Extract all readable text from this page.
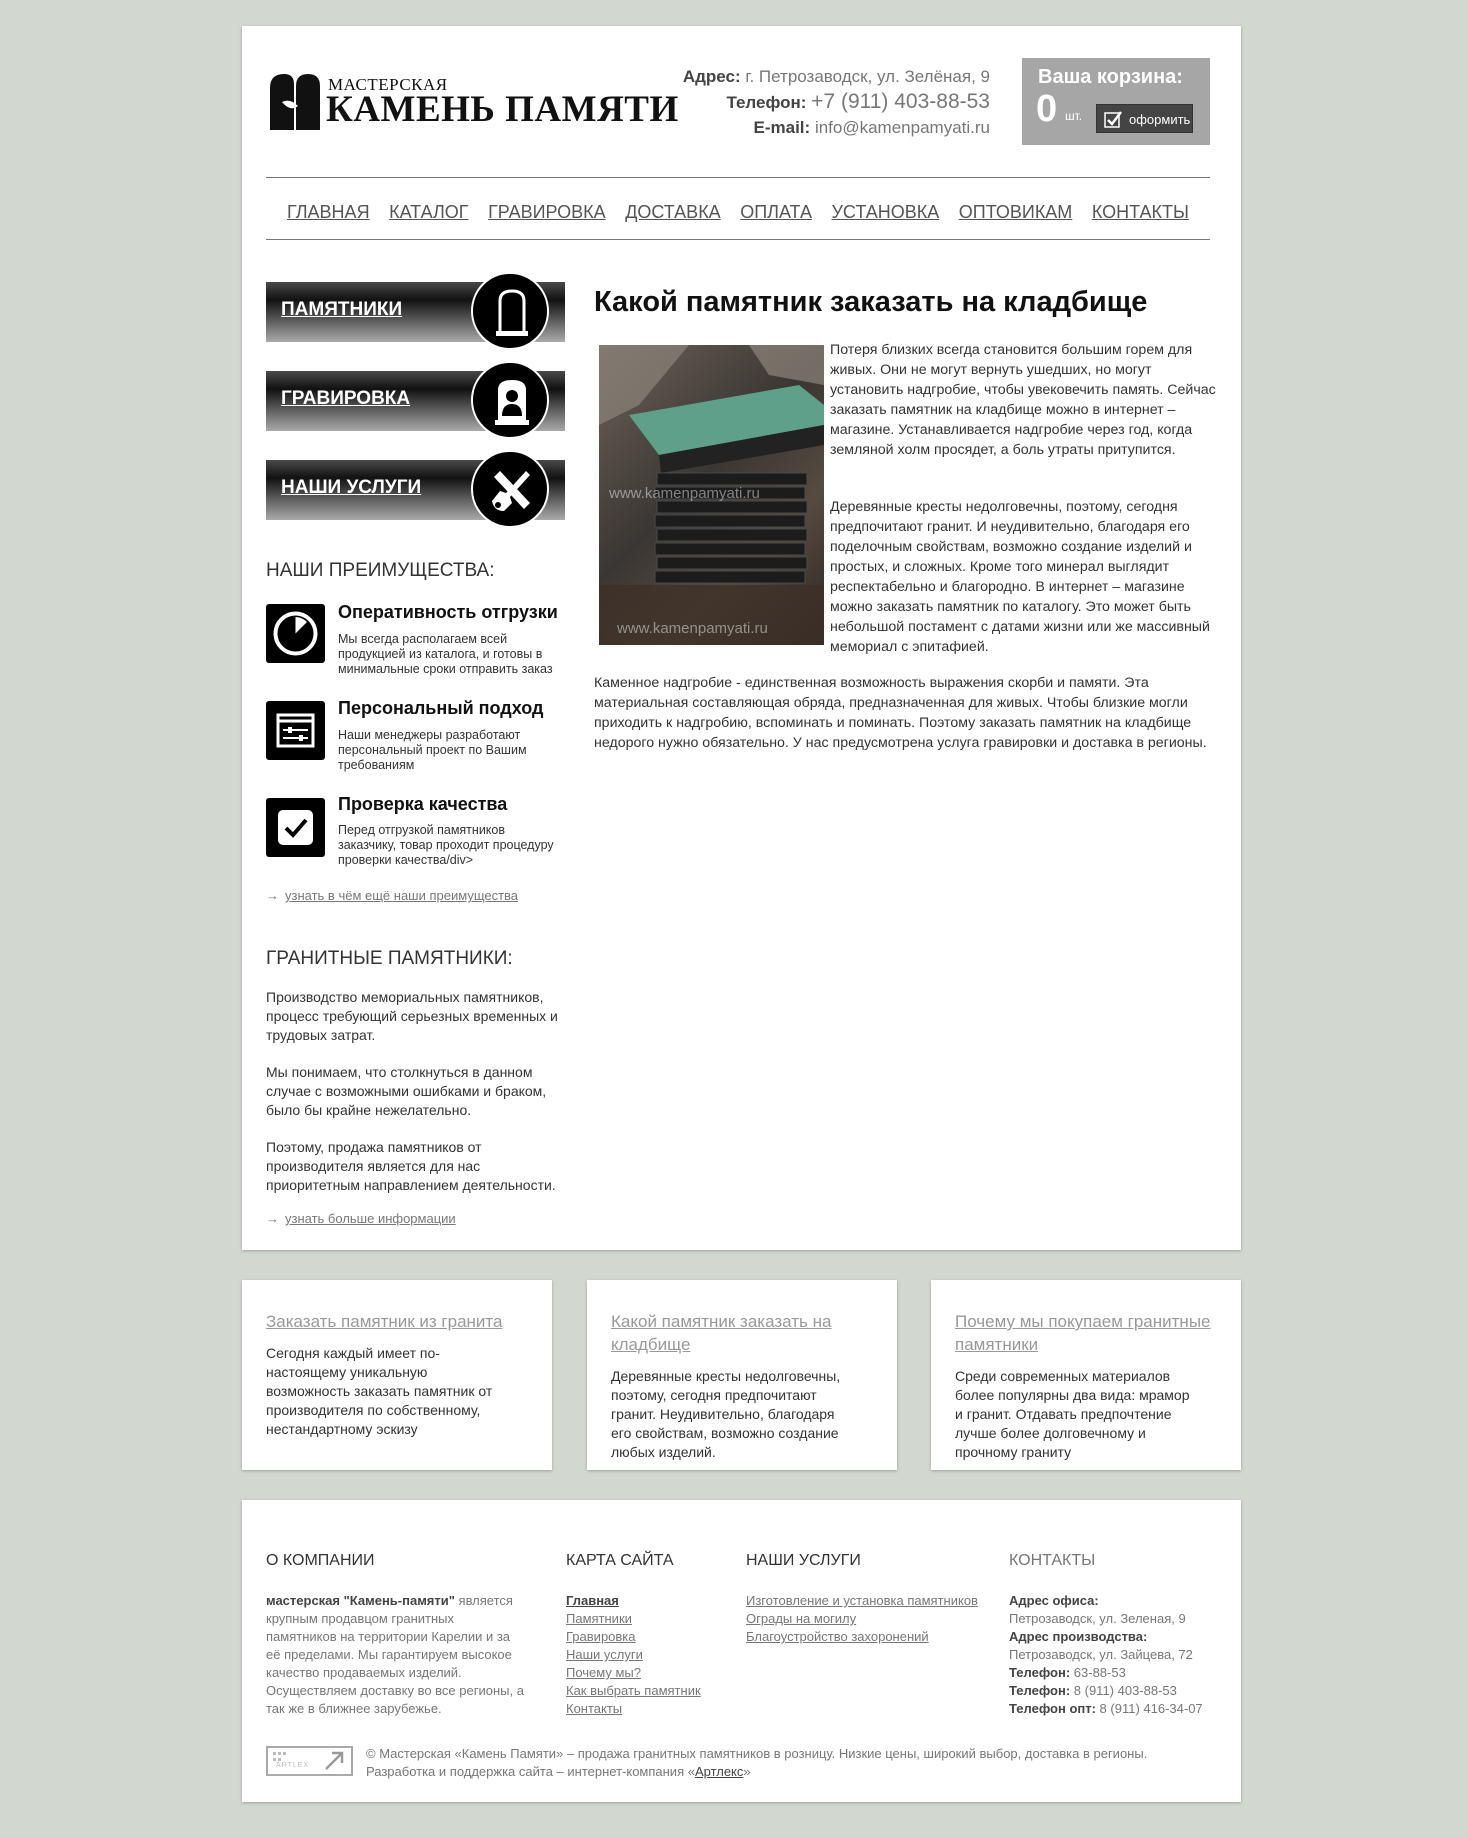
МАСТЕРСКАЯ
КАМЕНЬ ПАМЯТИ
Адрес: г. Петрозаводск, ул. Зелёная, 9
Телефон: +7 (911) 403-88-53
E-mail: info@kamenpamyati.ru
Ваша корзина:
0 шт.	оформить
ГЛАВНАЯ КАТАЛОГ ГРАВИРОВКА ДОСТАВКА ОПЛАТА УСТАНОВКА ОПТОВИКАМ КОНТАКТЫ
ПАМЯТНИКИ
ГРАВИРОВКА
НАШИ УСЛУГИ
НАШИ ПРЕИМУЩЕСТВА:
Оперативность отгрузки
Мы всегда располагаем всей продукцией из каталога, и готовы в минимальные сроки отправить заказ
Персональный подход
Наши менеджеры разработают персональный проект по Вашим требованиям
Проверка качества
Перед отгрузкой памятников заказчику, товар проходит процедуру проверки качества/div>
→ узнать в чём ещё наши преимущества
ГРАНИТНЫЕ ПАМЯТНИКИ:
Производство мемориальных памятников, процесс требующий серьезных временных и трудовых затрат.
Мы понимаем, что столкнуться в данном случае с возможными ошибками и браком, было бы крайне нежелательно.
Поэтому, продажа памятников от производителя является для нас приоритетным направлением деятельности.
→ узнать больше информации
Какой памятник заказать на кладбище
www.kamenpamyati.ru
www.kamenpamyati.ru

Потеря близких всегда становится большим горем для живых. Они не могут вернуть ушедших, но могут установить надгробие, чтобы увековечить память. Сейчас заказать памятник на кладбище можно в интернет – магазине. Устанавливается надгробие через год, когда земляной холм просядет, а боль утраты притупится.

Деревянные кресты недолговечны, поэтому, сегодня предпочитают гранит. И неудивительно, благодаря его поделочным свойствам, возможно создание изделий и простых, и сложных. Кроме того минерал выглядит респектабельно и благородно. В интернет – магазине можно заказать памятник по каталогу. Это может быть небольшой постамент с датами жизни или же массивный мемориал с эпитафией.

Каменное надгробие - единственная возможность выражения скорби и памяти. Эта материальная составляющая обряда, предназначенная для живых. Чтобы близкие могли приходить к надгробию, вспоминать и поминать. Поэтому заказать памятник на кладбище недорого нужно обязательно. У нас предусмотрена услуга гравировки и доставка в регионы.

Заказать памятник из гранита
Сегодня каждый имеет по-настоящему уникальную возможность заказать памятник от производителя по собственному, нестандартному эскизу
Какой памятник заказать на кладбище
Деревянные кресты недолговечны, поэтому, сегодня предпочитают гранит. Неудивительно, благодаря его свойствам, возможно создание любых изделий.
Почему мы покупаем гранитные памятники
Среди современных материалов более популярны два вида: мрамор и гранит. Отдавать предпочтение лучше более долговечному и прочному граниту
О КОМПАНИИ
мастерская "Камень-памяти" является крупным продавцом гранитных памятников на территории Карелии и за её пределами. Мы гарантируем высокое качество продаваемых изделий. Осуществляем доставку во все регионы, а так же в ближнее зарубежье.
КАРТА САЙТА
Главная
Памятники
Гравировка
Наши услуги
Почему мы?
Как выбрать памятник
Контакты
НАШИ УСЛУГИ
Изготовление и установка памятников
Ограды на могилу
Благоустройство захоронений
КОНТАКТЫ
Адрес офиса:
Петрозаводск, ул. Зеленая, 9
Адрес производства:
Петрозаводск, ул. Зайцева, 72
Телефон: 63-88-53
Телефон: 8 (911) 403-88-53
Телефон опт: 8 (911) 416-34-07
ARTLEX
© Мастерская «Камень Памяти» – продажа гранитных памятников в розницу. Низкие цены, широкий выбор, доставка в регионы.
Разработка и поддержка сайта – интернет-компания «Артлекс»
